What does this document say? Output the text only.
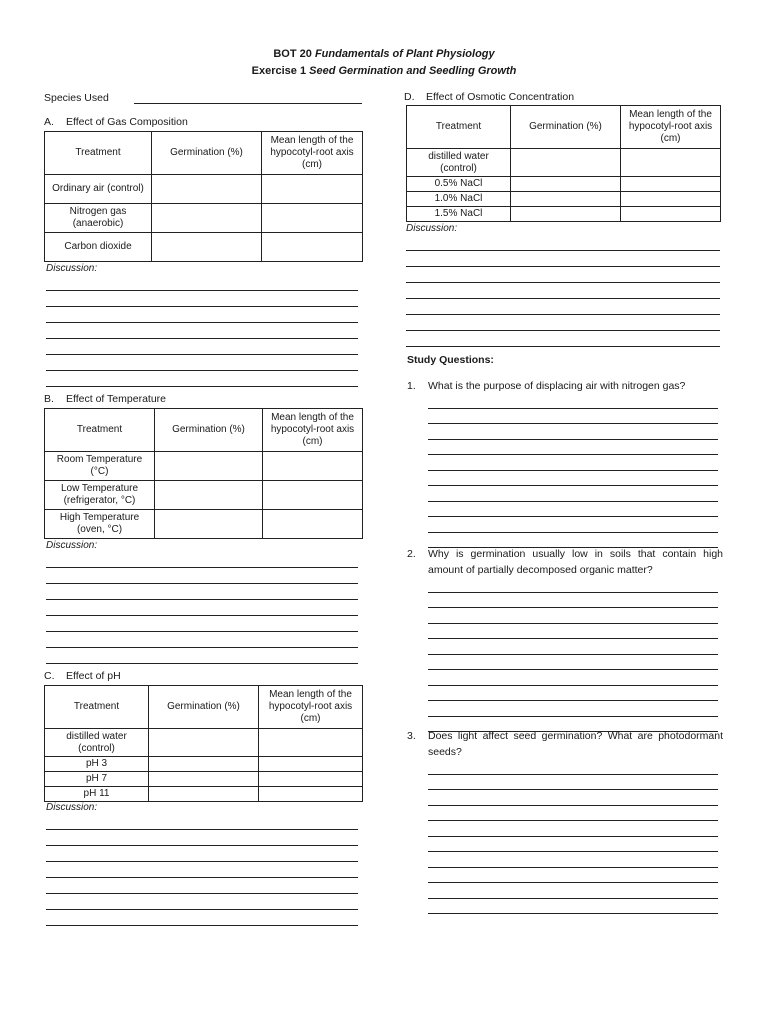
BOT 20 Fundamentals of Plant Physiology
Exercise 1 Seed Germination and Seedling Growth
Species Used
A. Effect of Gas Composition
Treatment	Germination (%)	Mean length of the hypocotyl-root axis (cm)
Ordinary air (control)		
Nitrogen gas (anaerobic)		
Carbon dioxide		
Discussion:
B. Effect of Temperature
Treatment	Germination (%)	Mean length of the hypocotyl-root axis (cm)
Room Temperature (°C)		
Low Temperature (refrigerator, °C)		
High Temperature (oven, °C)		
Discussion:
C. Effect of pH
Treatment	Germination (%)	Mean length of the hypocotyl-root axis (cm)
distilled water (control)		
pH 3		
pH 7		
pH 11		
Discussion:
D. Effect of Osmotic Concentration
Treatment	Germination (%)	Mean length of the hypocotyl-root axis (cm)
distilled water (control)		
0.5% NaCl		
1.0% NaCl		
1.5% NaCl		
Discussion:
Study Questions:
1. What is the purpose of displacing air with nitrogen gas?
2. Why is germination usually low in soils that contain high amount of partially decomposed organic matter?
3. Does light affect seed germination? What are photodormant seeds?
